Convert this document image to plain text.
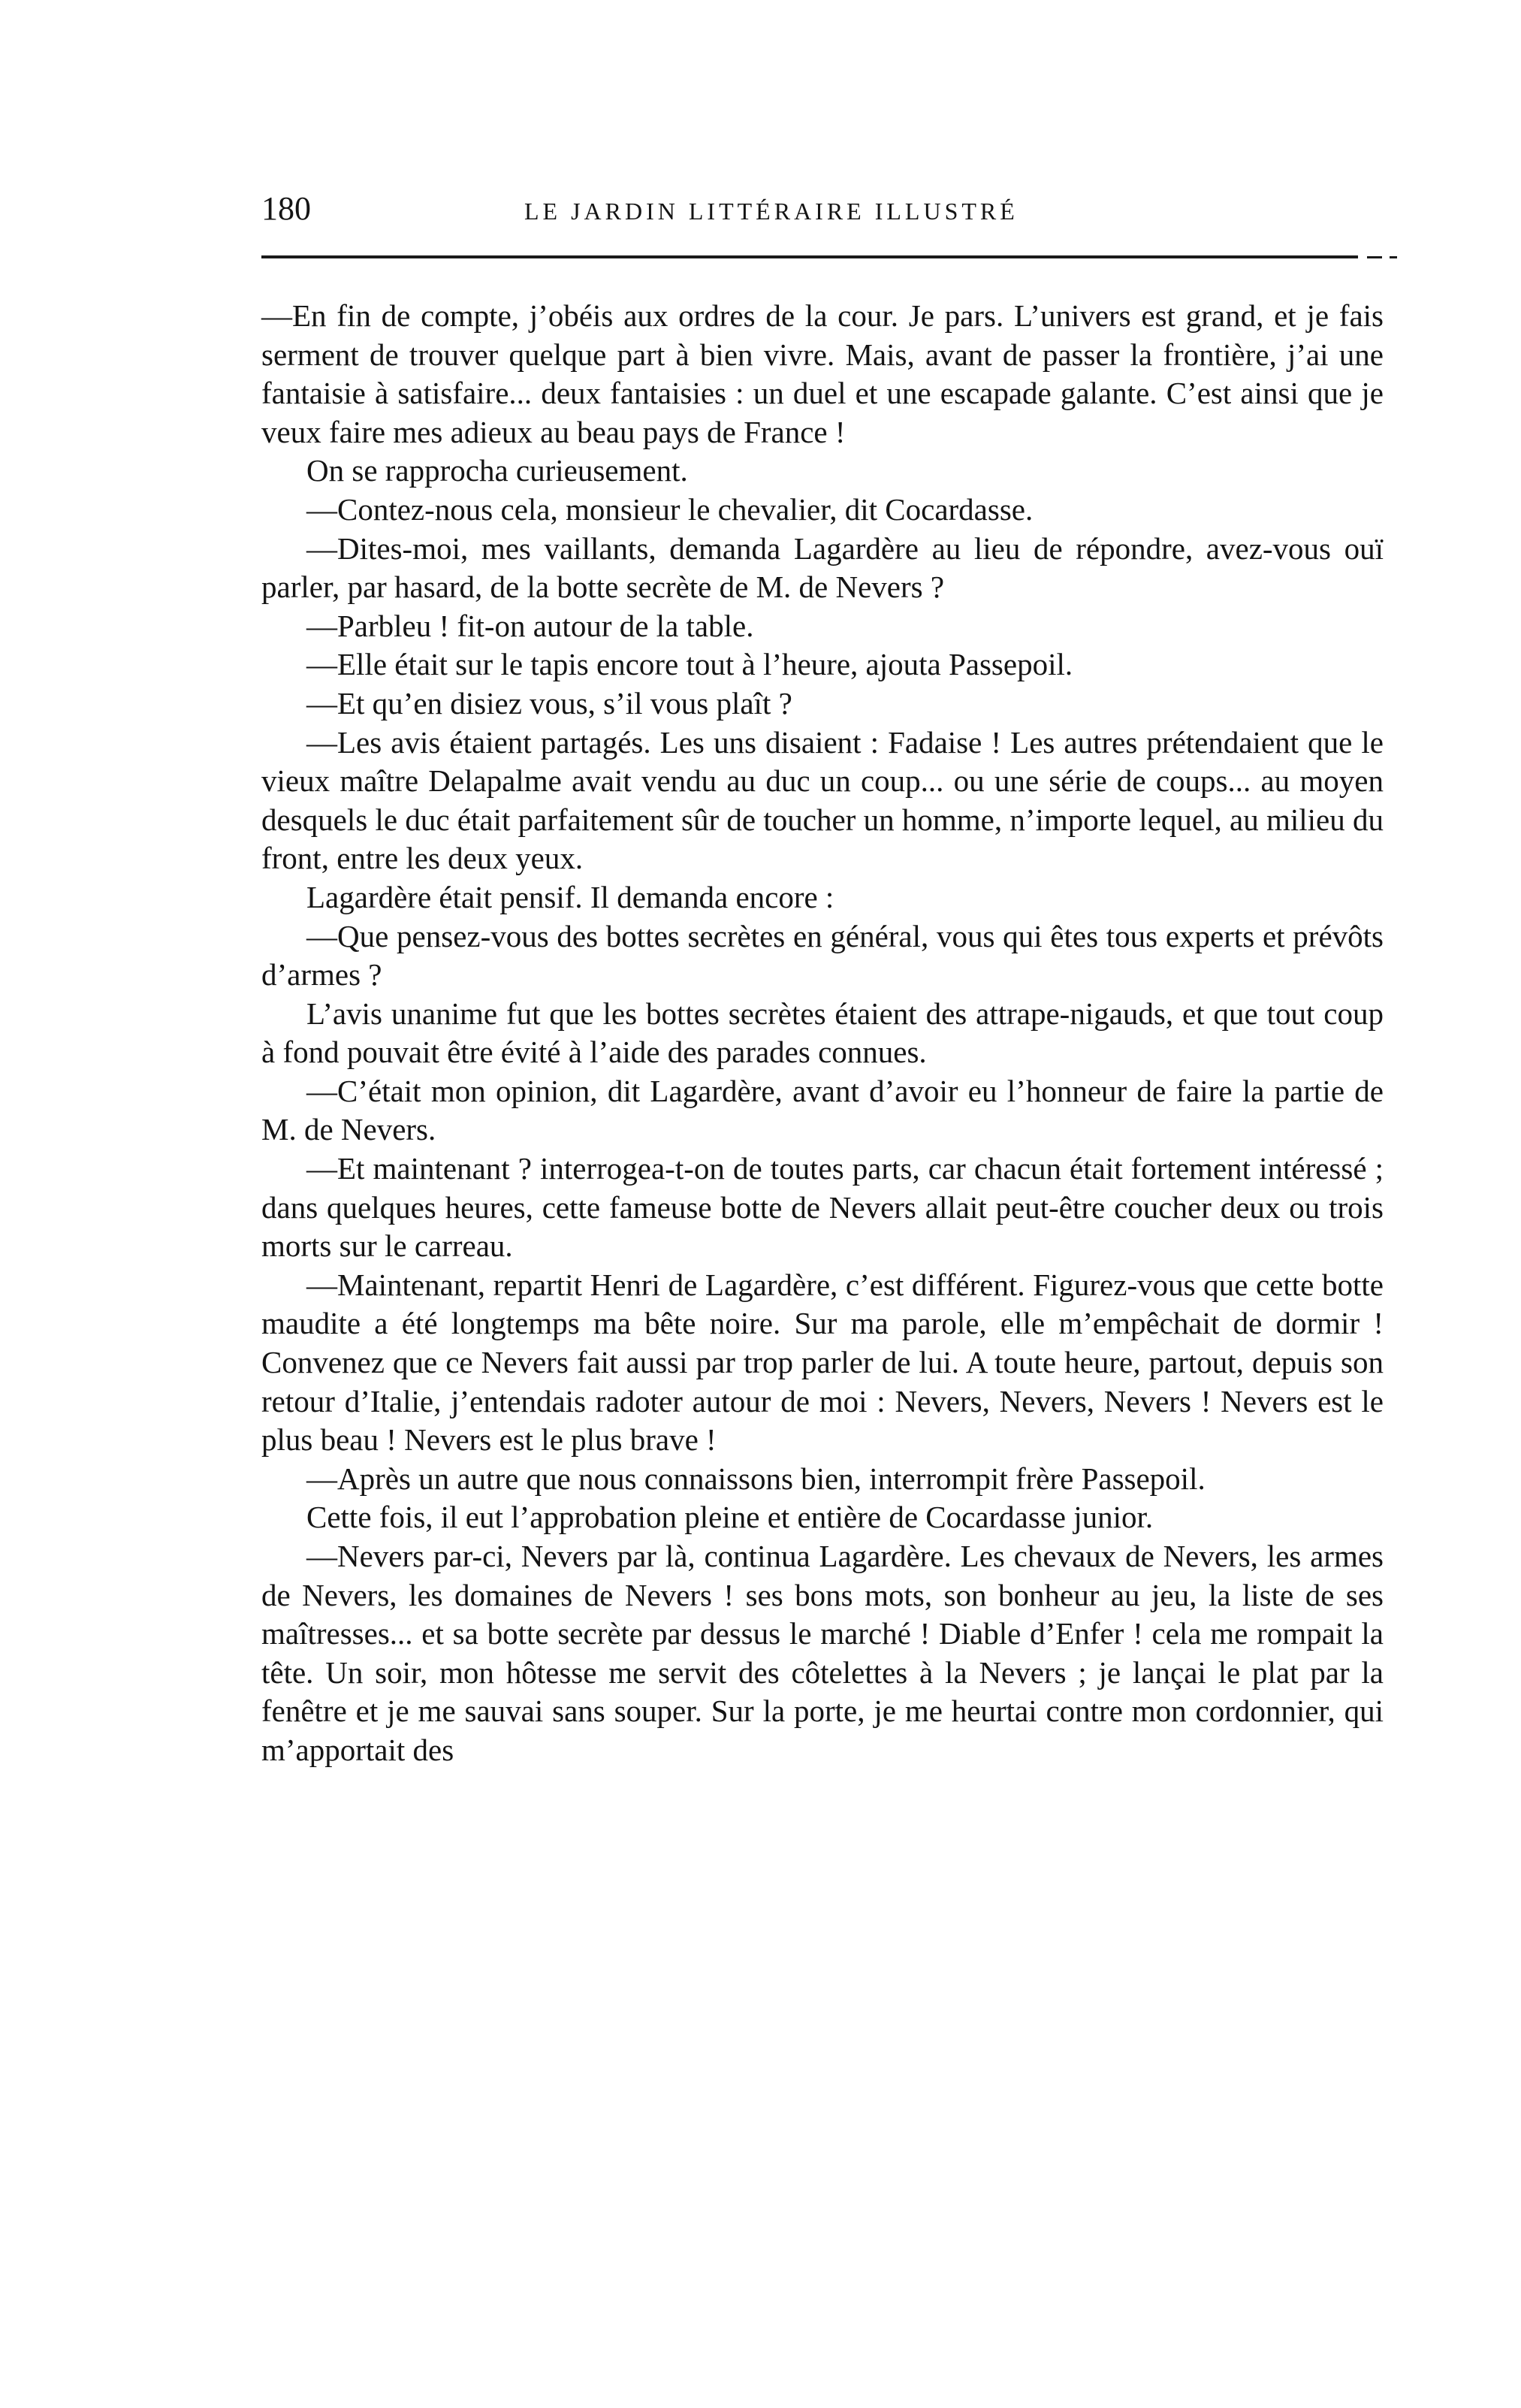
180	LE JARDIN LITTÉRAIRE ILLUSTRÉ

—En fin de compte, j’obéis aux ordres de la cour. Je pars. L’univers est grand, et je fais serment de trouver quelque part à bien vivre. Mais, avant de passer la frontière, j’ai une fantaisie à satisfaire... deux fantaisies : un duel et une escapade galante. C’est ainsi que je veux faire mes adieux au beau pays de France !

On se rapprocha curieusement.

—Contez-nous cela, monsieur le chevalier, dit Cocardasse.

—Dites-moi, mes vaillants, demanda Lagardère au lieu de répondre, avez-vous ouï parler, par hasard, de la botte secrète de M. de Nevers ?

—Parbleu ! fit-on autour de la table.

—Elle était sur le tapis encore tout à l’heure, ajouta Passepoil.

—Et qu’en disiez vous, s’il vous plaît ?

—Les avis étaient partagés. Les uns disaient : Fadaise ! Les autres prétendaient que le vieux maître Delapalme avait vendu au duc un coup... ou une série de coups... au moyen desquels le duc était parfaitement sûr de toucher un homme, n’importe lequel, au milieu du front, entre les deux yeux.

Lagardère était pensif. Il demanda encore :

—Que pensez-vous des bottes secrètes en général, vous qui êtes tous experts et prévôts d’armes ?

L’avis unanime fut que les bottes secrètes étaient des attrape-nigauds, et que tout coup à fond pouvait être évité à l’aide des parades connues.

—C’était mon opinion, dit Lagardère, avant d’avoir eu l’honneur de faire la partie de M. de Nevers.

—Et maintenant ? interrogea-t-on de toutes parts, car chacun était fortement intéressé ; dans quelques heures, cette fameuse botte de Nevers allait peut-être coucher deux ou trois morts sur le carreau.

—Maintenant, repartit Henri de Lagardère, c’est différent. Figurez-vous que cette botte maudite a été longtemps ma bête noire. Sur ma parole, elle m’empêchait de dormir ! Convenez que ce Nevers fait aussi par trop parler de lui. A toute heure, partout, depuis son retour d’Italie, j’entendais radoter autour de moi : Nevers, Nevers, Nevers ! Nevers est le plus beau ! Nevers est le plus brave !

—Après un autre que nous connaissons bien, interrompit frère Passepoil.

Cette fois, il eut l’approbation pleine et entière de Cocardasse junior.

—Nevers par-ci, Nevers par là, continua Lagardère. Les chevaux de Nevers, les armes de Nevers, les domaines de Nevers ! ses bons mots, son bonheur au jeu, la liste de ses maîtresses... et sa botte secrète par dessus le marché ! Diable d’Enfer ! cela me rompait la tête. Un soir, mon hôtesse me servit des côtelettes à la Nevers ; je lançai le plat par la fenêtre et je me sauvai sans souper. Sur la porte, je me heurtai contre mon cordonnier, qui m’apportait des
